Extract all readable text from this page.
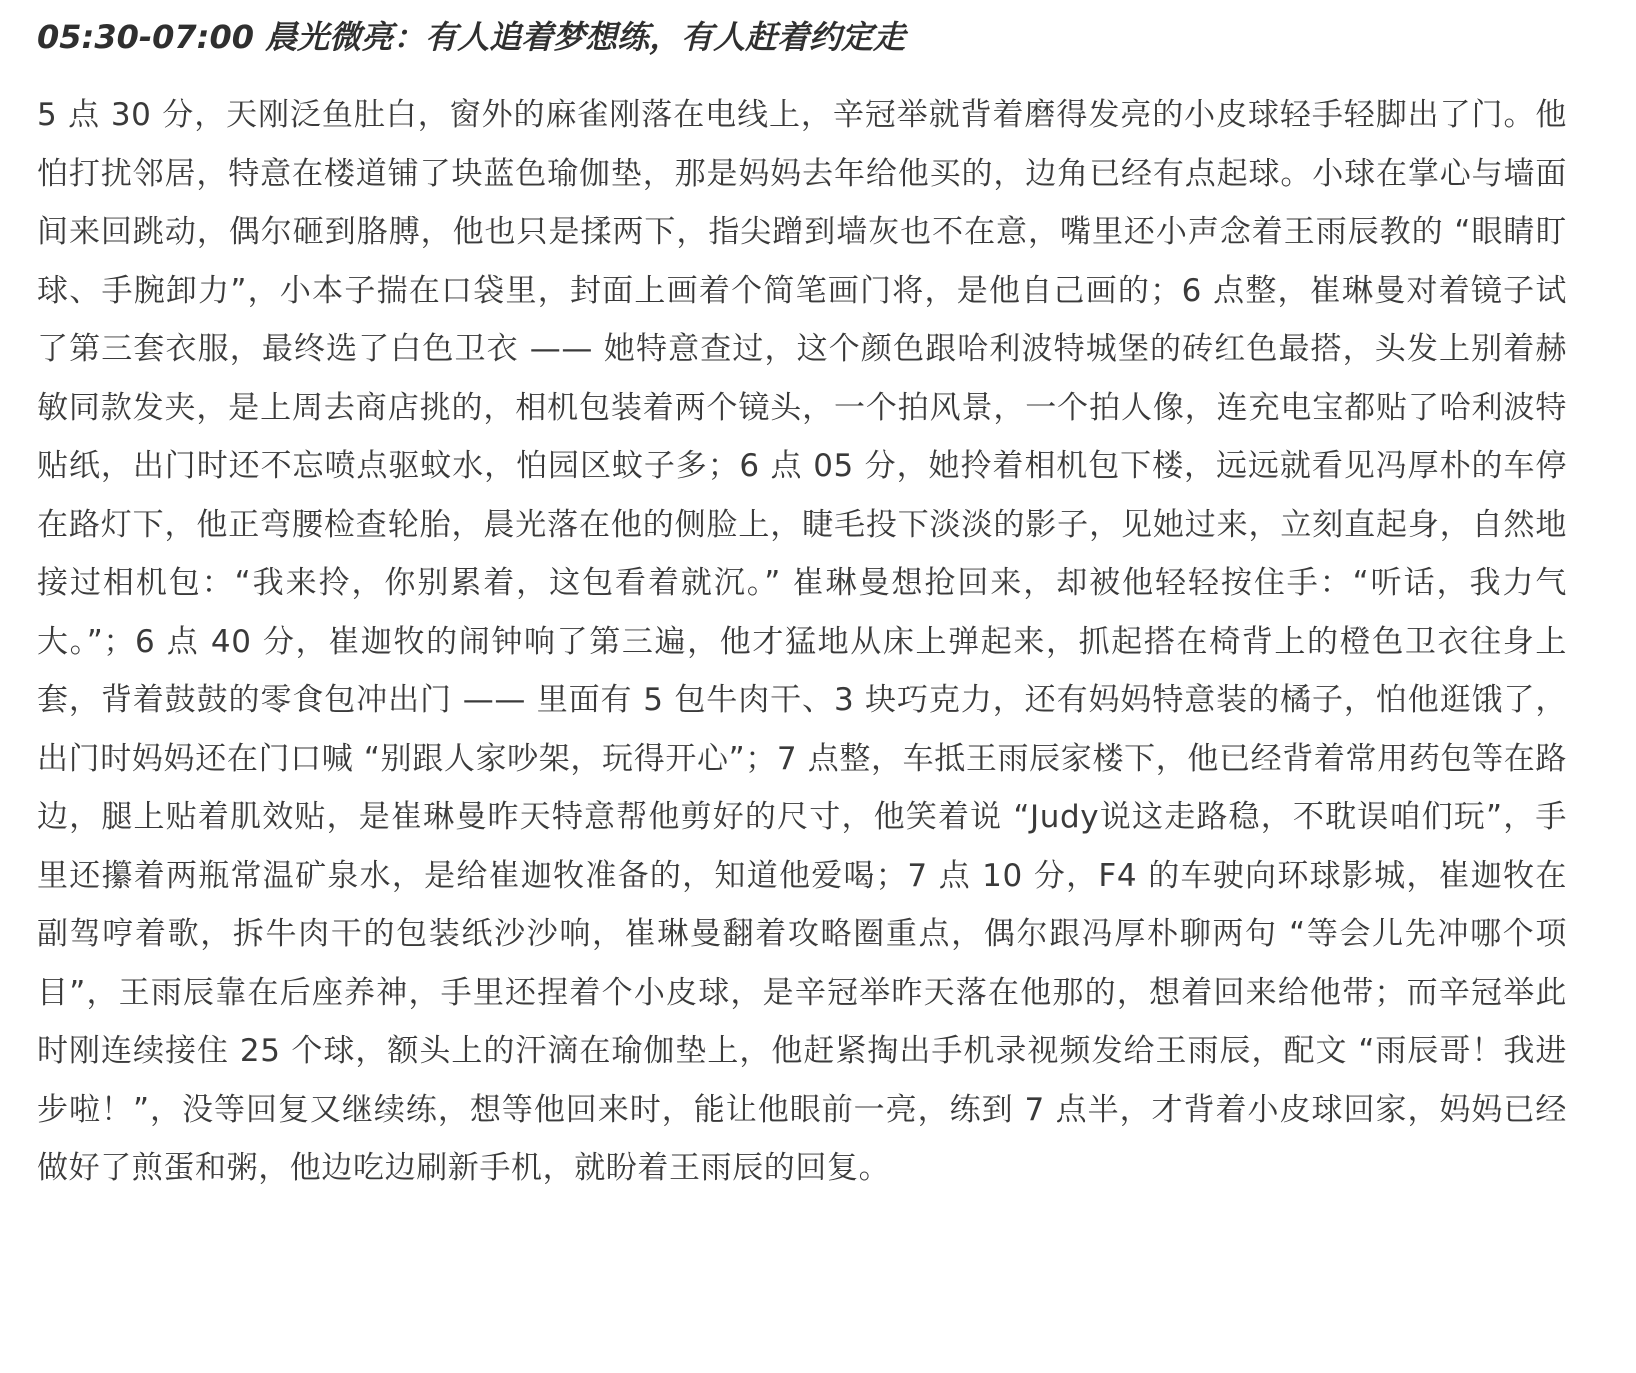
05:30-07:00 晨光微亮：有人追着梦想练，有人赶着约定走

5 点 30 分，天刚泛鱼肚白，窗外的麻雀刚落在电线上，辛冠举就背着磨得发亮的小皮球轻手轻脚出了门。他怕打扰邻居，特意在楼道铺了块蓝色瑜伽垫，那是妈妈去年给他买的，边角已经有点起球。小球在掌心与墙面间来回跳动，偶尔砸到胳膊，他也只是揉两下，指尖蹭到墙灰也不在意，嘴里还小声念着王雨辰教的 “眼睛盯球、手腕卸力”，小本子揣在口袋里，封面上画着个简笔画门将，是他自己画的；6 点整，崔琳曼对着镜子试了第三套衣服，最终选了白色卫衣 —— 她特意查过，这个颜色跟哈利波特城堡的砖红色最搭，头发上别着赫敏同款发夹，是上周去商店挑的，相机包装着两个镜头，一个拍风景，一个拍人像，连充电宝都贴了哈利波特贴纸，出门时还不忘喷点驱蚊水，怕园区蚊子多；6 点 05 分，她拎着相机包下楼，远远就看见冯厚朴的车停在路灯下，他正弯腰检查轮胎，晨光落在他的侧脸上，睫毛投下淡淡的影子，见她过来，立刻直起身，自然地接过相机包：“我来拎，你别累着，这包看着就沉。” 崔琳曼想抢回来，却被他轻轻按住手：“听话，我力气大。”；6 点 40 分，崔迦牧的闹钟响了第三遍，他才猛地从床上弹起来，抓起搭在椅背上的橙色卫衣往身上套，背着鼓鼓的零食包冲出门 —— 里面有 5 包牛肉干、3 块巧克力，还有妈妈特意装的橘子，怕他逛饿了，出门时妈妈还在门口喊 “别跟人家吵架，玩得开心”；7 点整，车抵王雨辰家楼下，他已经背着常用药包等在路边，腿上贴着肌效贴，是崔琳曼昨天特意帮他剪好的尺寸，他笑着说 “Judy说这走路稳，不耽误咱们玩”，手里还攥着两瓶常温矿泉水，是给崔迦牧准备的，知道他爱喝；7 点 10 分，F4 的车驶向环球影城，崔迦牧在副驾哼着歌，拆牛肉干的包装纸沙沙响，崔琳曼翻着攻略圈重点，偶尔跟冯厚朴聊两句 “等会儿先冲哪个项目”，王雨辰靠在后座养神，手里还捏着个小皮球，是辛冠举昨天落在他那的，想着回来给他带；而辛冠举此时刚连续接住 25 个球，额头上的汗滴在瑜伽垫上，他赶紧掏出手机录视频发给王雨辰，配文 “雨辰哥！我进步啦！”，没等回复又继续练，想等他回来时，能让他眼前一亮，练到 7 点半，才背着小皮球回家，妈妈已经做好了煎蛋和粥，他边吃边刷新手机，就盼着王雨辰的回复。
